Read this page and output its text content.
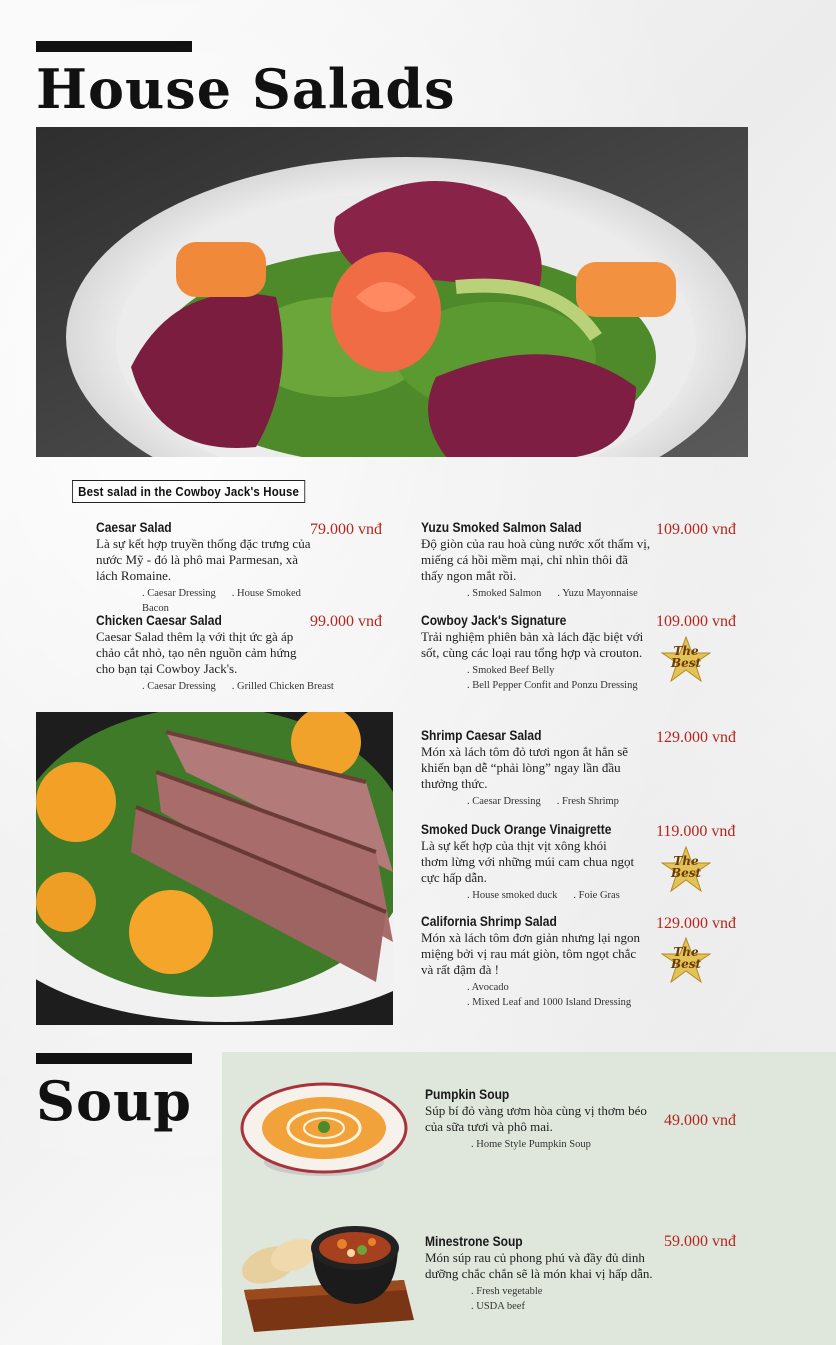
House Salads
Best salad in the Cowboy Jack's House
Caesar Salad
Là sự kết hợp truyền thống đặc trưng của nước Mỹ - đó là phô mai Parmesan, xà lách Romaine.
. Caesar Dressing . House Smoked Bacon
79.000 vnđ
Chicken Caesar Salad
Caesar Salad thêm lạ với thịt ức gà áp chảo cắt nhỏ, tạo nên nguồn cảm hứng cho bạn tại Cowboy Jack's.
. Caesar Dressing . Grilled Chicken Breast
99.000 vnđ
Yuzu Smoked Salmon Salad
Độ giòn của rau hoà cùng nước xốt thấm vị, miếng cá hồi mềm mại, chỉ nhìn thôi đã thấy ngon mắt rồi.
. Smoked Salmon . Yuzu Mayonnaise
109.000 vnđ
Cowboy Jack's Signature
Trải nghiệm phiên bản xà lách đặc biệt với sốt, cùng các loại rau tổng hợp và crouton.
. Smoked Beef Belly
. Bell Pepper Confit and Ponzu Dressing
109.000 vnđ
The
Best
Shrimp Caesar Salad
Món xà lách tôm đỏ tươi ngon ắt hẳn sẽ khiến bạn dễ “phải lòng” ngay lần đầu thưởng thức.
. Caesar Dressing . Fresh Shrimp
129.000 vnđ
Smoked Duck Orange Vinaigrette
Là sự kết hợp của thịt vịt xông khói thơm lừng với những múi cam chua ngọt cực hấp dẫn.
. House smoked duck . Foie Gras
119.000 vnđ
The
Best
California Shrimp Salad
Món xà lách tôm đơn giản nhưng lại ngon miệng bởi vị rau mát giòn, tôm ngọt chắc và rất đậm đà !
. Avocado
. Mixed Leaf and 1000 Island Dressing
129.000 vnđ
The
Best
Soup	Pumpkin Soup
Súp bí đỏ vàng ươm hòa cùng vị thơm béo của sữa tươi và phô mai.
. Home Style Pumpkin Soup
49.000 vnđ
Minestrone Soup
Món súp rau củ phong phú và đầy đủ dinh dưỡng chắc chắn sẽ là món khai vị hấp dẫn.
. Fresh vegetable
. USDA beef
59.000 vnđ
